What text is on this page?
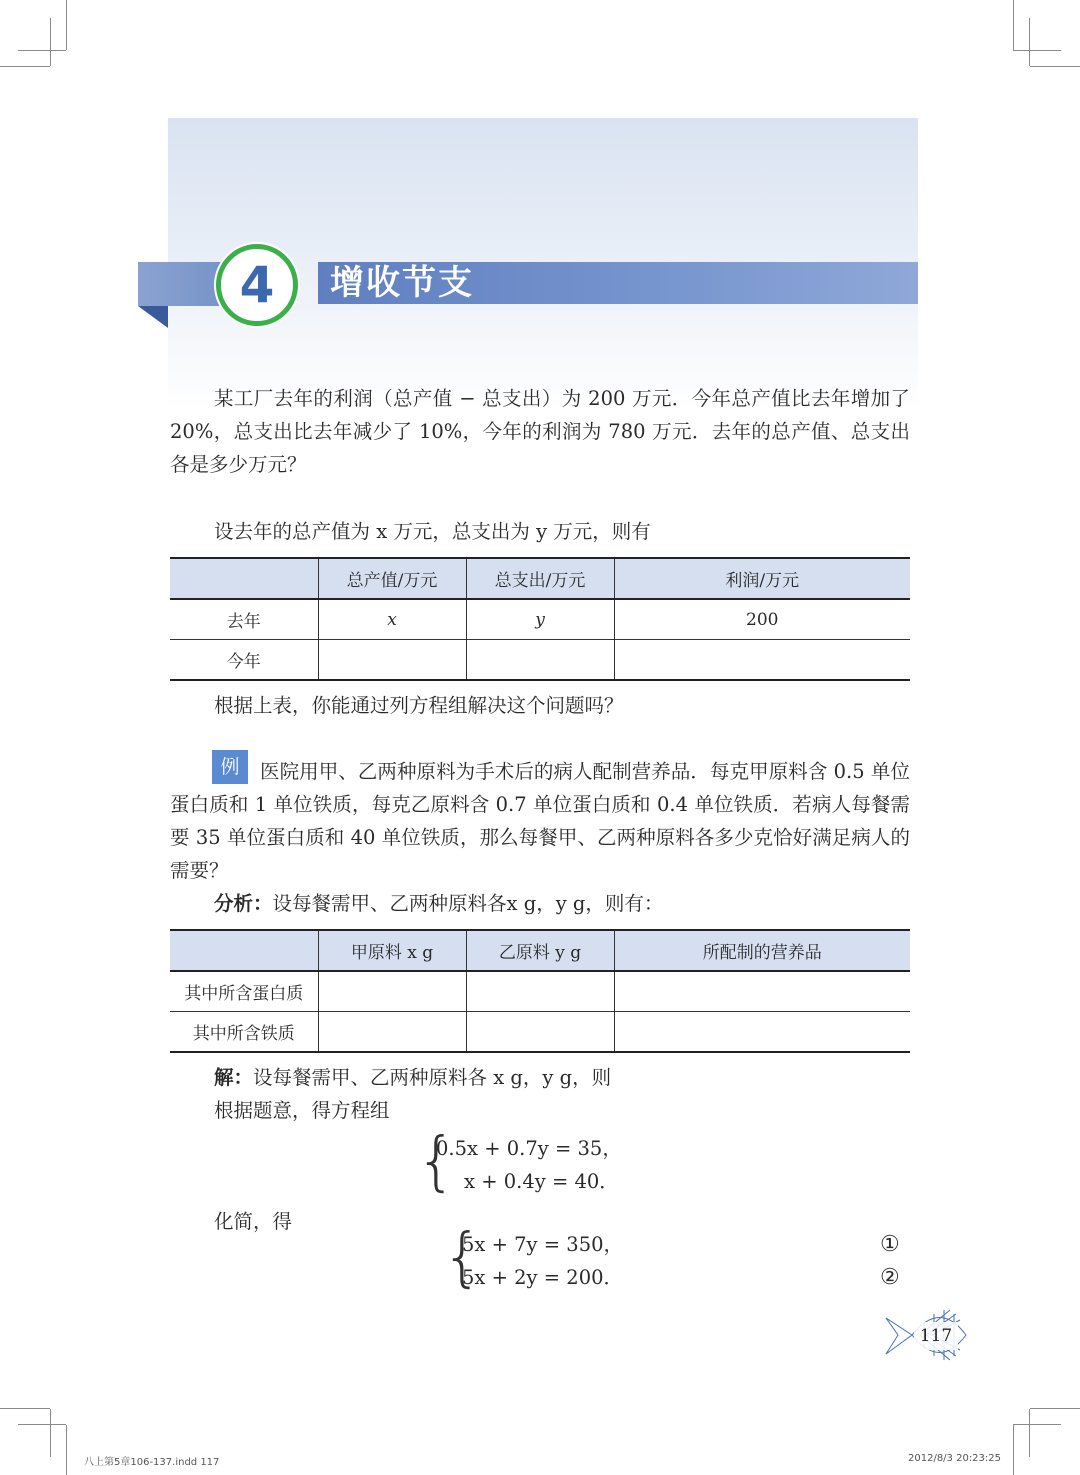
增收节支
4

某工厂去年的利润（总产值 − 总支出）为 200 万元．今年总产值比去年增加了 20%，总支出比去年减少了 10%，今年的利润为 780 万元．去年的总产值、总支出各是多少万元？

设去年的总产值为 x 万元，总支出为 y 万元，则有
	总产值/万元	总支出/万元	利润/万元
去年	x	y	200
今年			
根据上表，你能通过列方程组解决这个问题吗？
例	医院用甲、乙两种原料为手术后的病人配制营养品．每克甲原料含 0.5 单位蛋白质和 1 单位铁质，每克乙原料含 0.7 单位蛋白质和 0.4 单位铁质．若病人每餐需要 35 单位蛋白质和 40 单位铁质，那么每餐甲、乙两种原料各多少克恰好满足病人的需要？

分析：设每餐需甲、乙两种原料各x g，y g，则有：
	甲原料 x g	乙原料 y g	所配制的营养品
其中所含蛋白质			
其中所含铁质			
解：设每餐需甲、乙两种原料各 x g，y g，则
根据题意，得方程组
{
0.5x + 0.7y = 35，
x + 0.4y = 40．
化简，得 {
5x + 7y = 350，
5x + 2y = 200．
①
②
117
八上第5章106-137.indd 117	2012/8/3 20:23:25
